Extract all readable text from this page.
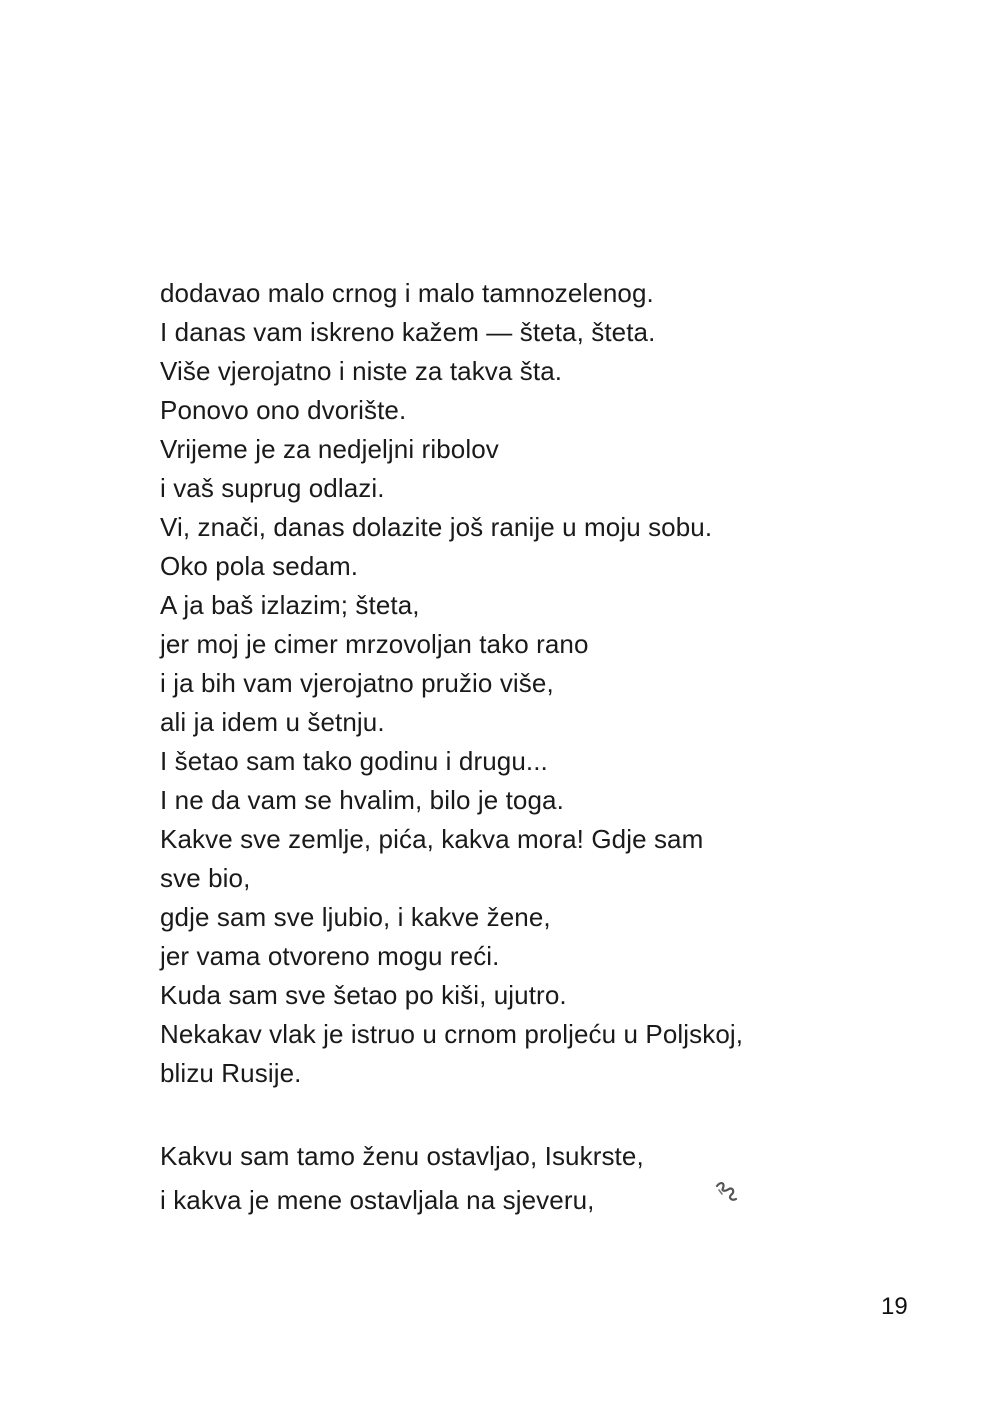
dodavao malo crnog i malo tamnozelenog.
I danas vam iskreno kažem — šteta, šteta.
Više vjerojatno i niste za takva šta.
Ponovo ono dvorište.
Vrijeme je za nedjeljni ribolov
i vaš suprug odlazi.
Vi, znači, danas dolazite još ranije u moju sobu.
Oko pola sedam.
A ja baš izlazim; šteta,
jer moj je cimer mrzovoljan tako rano
i ja bih vam vjerojatno pružio više,
ali ja idem u šetnju.
I šetao sam tako godinu i drugu...
I ne da vam se hvalim, bilo je toga.
Kakve sve zemlje, pića, kakva mora! Gdje sam
sve bio,
gdje sam sve ljubio, i kakve žene,
jer vama otvoreno mogu reći.
Kuda sam sve šetao po kiši, ujutro.
Nekakav vlak je istruo u crnom proljeću u Poljskoj,
blizu Rusije.
Kakvu sam tamo ženu ostavljao, Isukrste,
i kakva je mene ostavljala na sjeveru,
19
